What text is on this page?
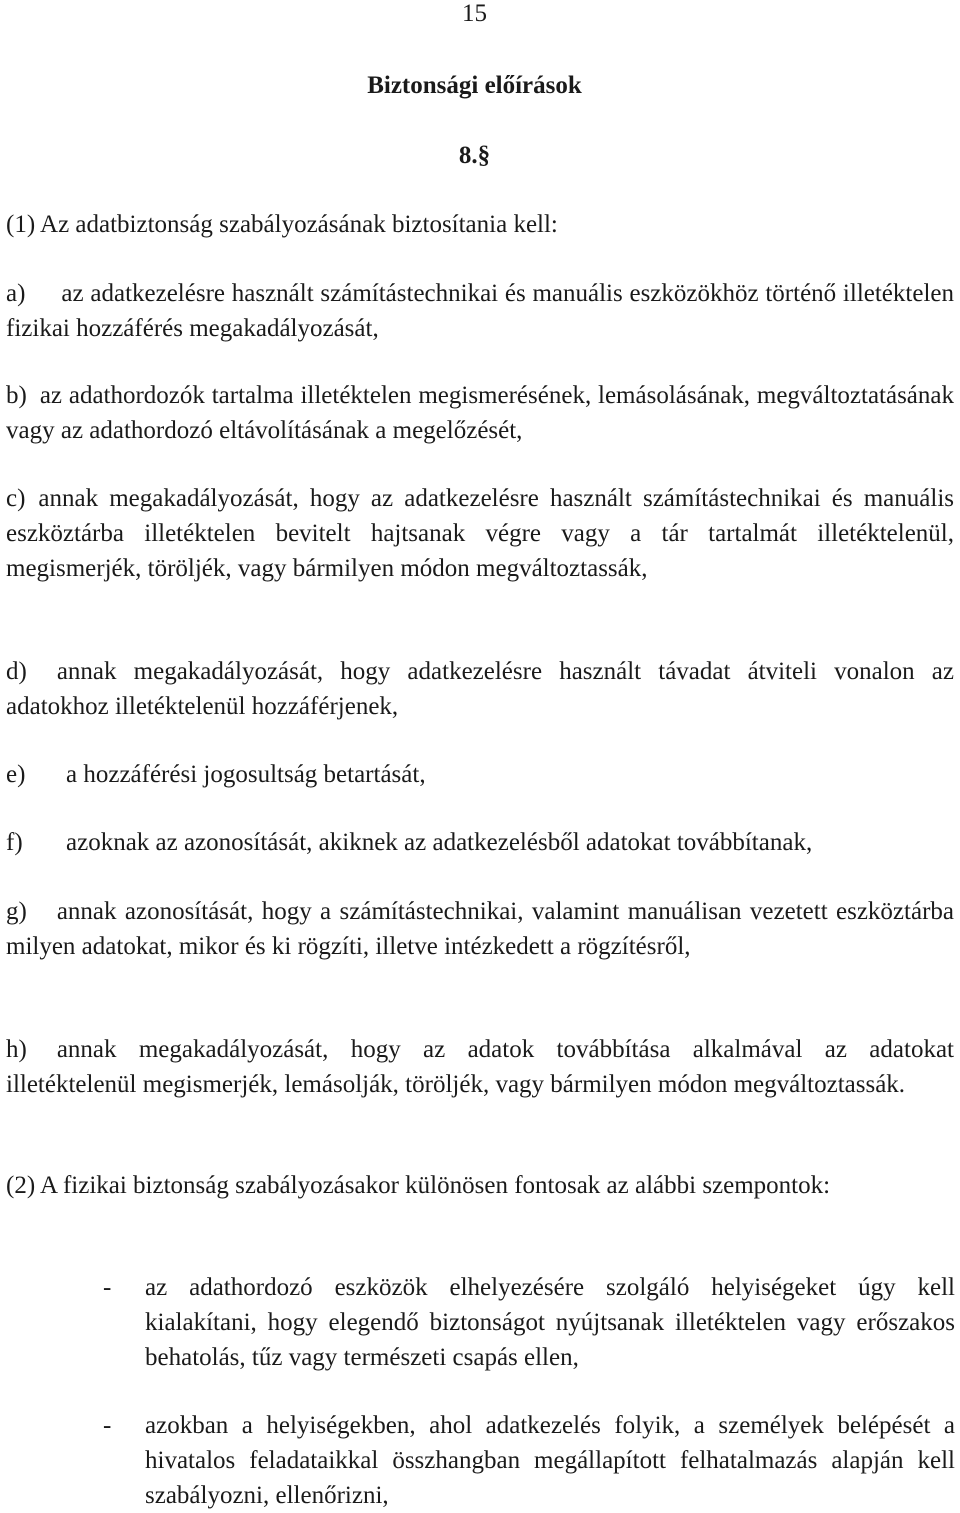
15
Biztonsági előírások
8.§
(1) Az adatbiztonság szabályozásának biztosítania kell:
a) az adatkezelésre használt számítástechnikai és manuális eszközökhöz történő illetéktelen fizikai hozzáférés megakadályozását,
b) az adathordozók tartalma illetéktelen megismerésének, lemásolásának, megváltoztatásának vagy az adathordozó eltávolításának a megelőzését,
c) annak megakadályozását, hogy az adatkezelésre használt számítástechnikai és manuális eszköztárba illetéktelen bevitelt hajtsanak végre vagy a tár tartalmát illetéktelenül, megismerjék, töröljék, vagy bármilyen módon megváltoztassák,
d) annak megakadályozását, hogy adatkezelésre használt távadat átviteli vonalon az adatokhoz illetéktelenül hozzáférjenek,
e) a hozzáférési jogosultság betartását,
f) azoknak az azonosítását, akiknek az adatkezelésből adatokat továbbítanak,
g) annak azonosítását, hogy a számítástechnikai, valamint manuálisan vezetett eszköztárba milyen adatokat, mikor és ki rögzíti, illetve intézkedett a rögzítésről,
h) annak megakadályozását, hogy az adatok továbbítása alkalmával az adatokat illetéktelenül megismerjék, lemásolják, töröljék, vagy bármilyen módon megváltoztassák.
(2) A fizikai biztonság szabályozásakor különösen fontosak az alábbi szempontok:
-	az adathordozó eszközök elhelyezésére szolgáló helyiségeket úgy kell kialakítani, hogy elegendő biztonságot nyújtsanak illetéktelen vagy erőszakos behatolás, tűz vagy természeti csapás ellen,
-	azokban a helyiségekben, ahol adatkezelés folyik, a személyek belépését a hivatalos feladataikkal összhangban megállapított felhatalmazás alapján kell szabályozni, ellenőrizni,
